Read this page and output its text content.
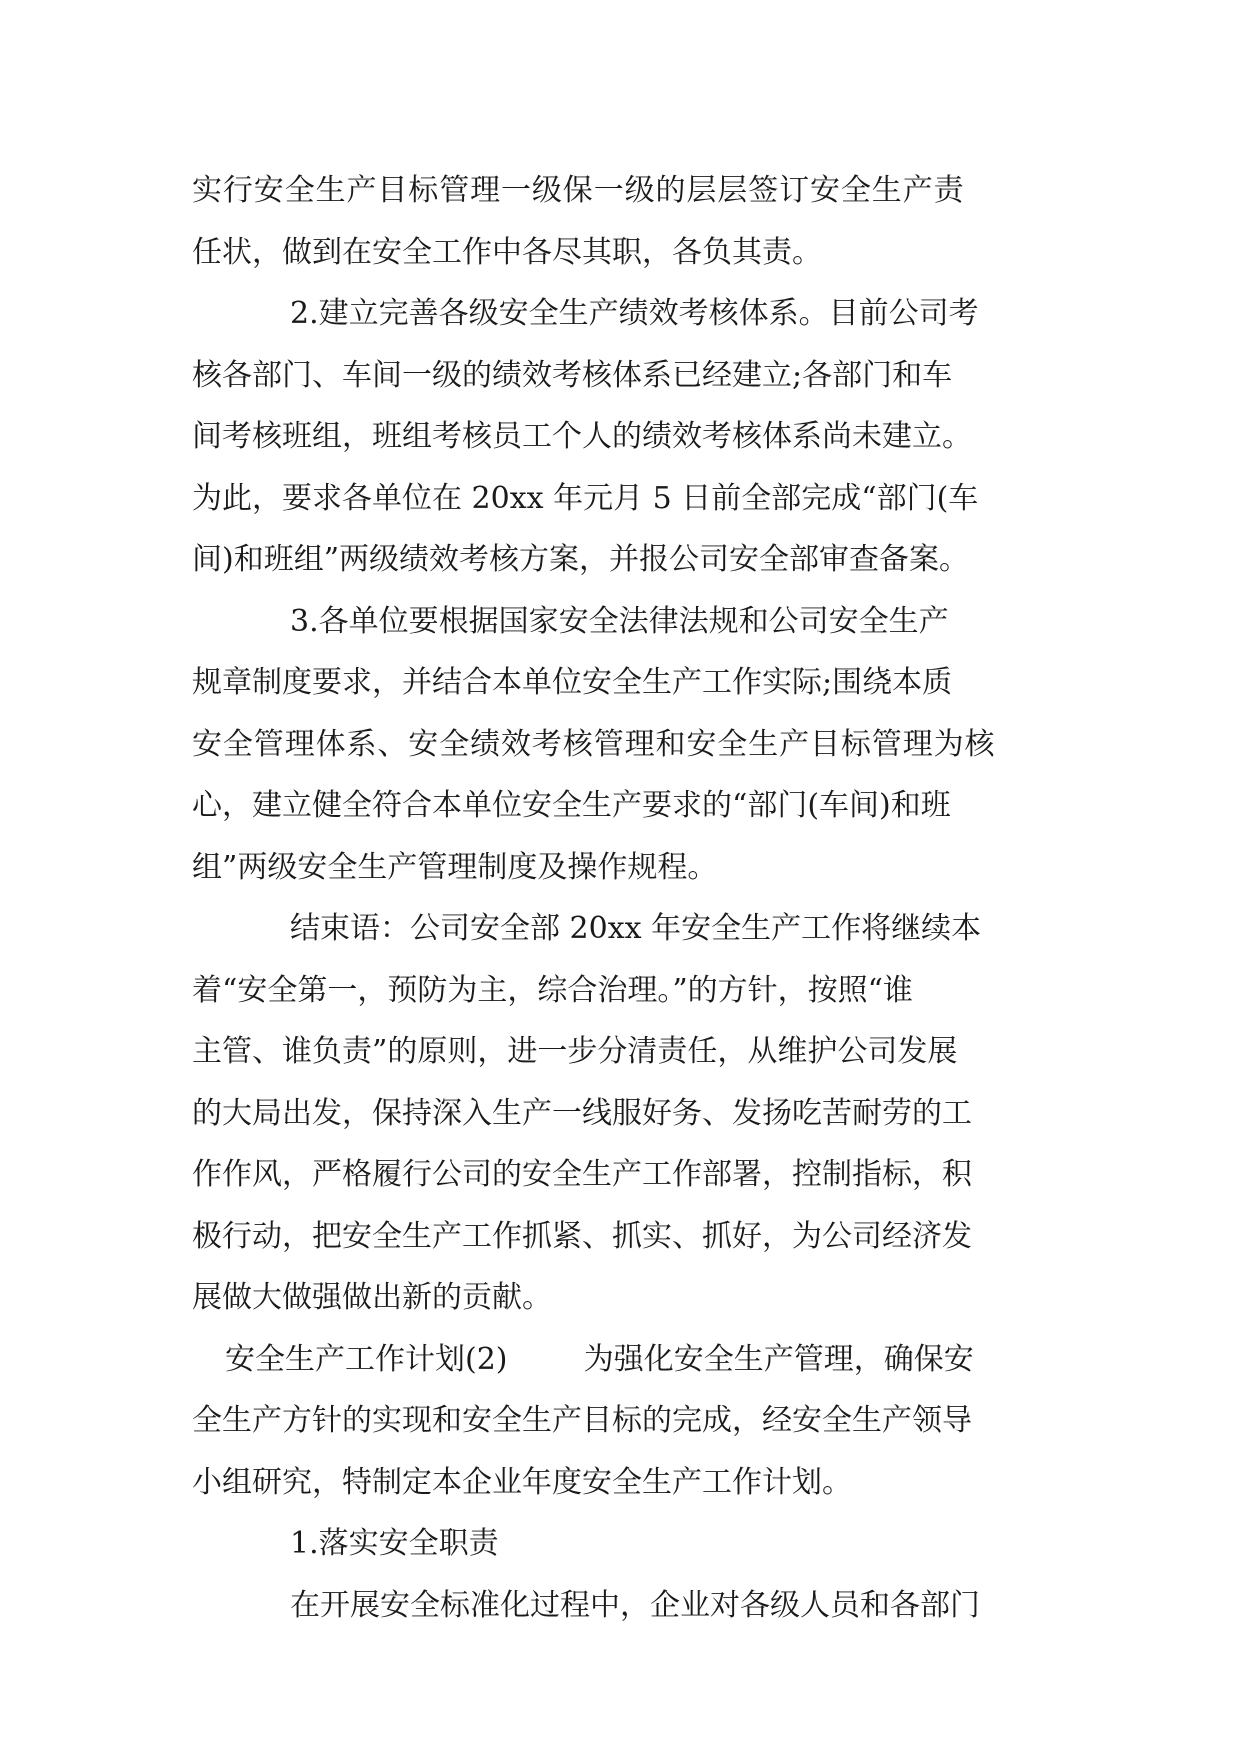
实行安全生产目标管理一级保一级的层层签订安全生产责
任状，做到在安全工作中各尽其职，各负其责。
2.建立完善各级安全生产绩效考核体系。目前公司考
核各部门、车间一级的绩效考核体系已经建立;各部门和车
间考核班组，班组考核员工个人的绩效考核体系尚未建立。
为此，要求各单位在 20xx 年元月 5 日前全部完成“部门(车
间)和班组”两级绩效考核方案，并报公司安全部审查备案。
3.各单位要根据国家安全法律法规和公司安全生产
规章制度要求，并结合本单位安全生产工作实际;围绕本质
安全管理体系、安全绩效考核管理和安全生产目标管理为核
心，建立健全符合本单位安全生产要求的“部门(车间)和班
组”两级安全生产管理制度及操作规程。
结束语：公司安全部 20xx 年安全生产工作将继续本
着“安全第一，预防为主，综合治理。”的方针，按照“谁
主管、谁负责”的原则，进一步分清责任，从维护公司发展
的大局出发，保持深入生产一线服好务、发扬吃苦耐劳的工
作作风，严格履行公司的安全生产工作部署，控制指标，积
极行动，把安全生产工作抓紧、抓实、抓好，为公司经济发
展做大做强做出新的贡献。
安全生产工作计划(2)        为强化安全生产管理，确保安
全生产方针的实现和安全生产目标的完成，经安全生产领导
小组研究，特制定本企业年度安全生产工作计划。
1.落实安全职责
在开展安全标准化过程中，企业对各级人员和各部门
